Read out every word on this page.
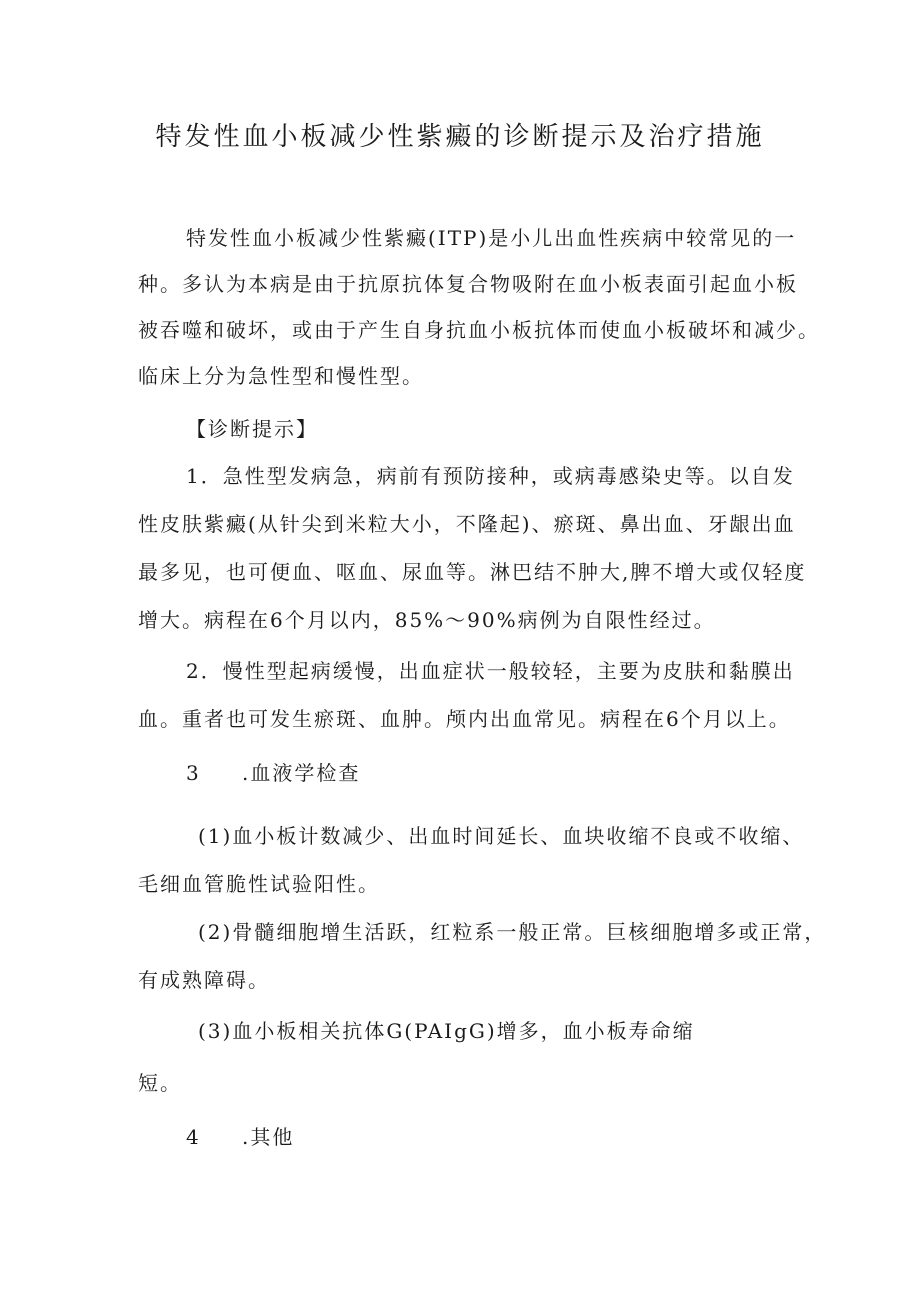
特发性血小板减少性紫癜的诊断提示及治疗措施
特发性血小板减少性紫癜(ITP)是小儿出血性疾病中较常见的一
种。多认为本病是由于抗原抗体复合物吸附在血小板表面引起血小板
被吞噬和破坏，或由于产生自身抗血小板抗体而使血小板破坏和减少。
临床上分为急性型和慢性型。
【诊断提示】
1．急性型发病急，病前有预防接种，或病毒感染史等。以自发
性皮肤紫癜(从针尖到米粒大小，不隆起)、瘀斑、鼻出血、牙龈出血
最多见，也可便血、呕血、尿血等。淋巴结不肿大,脾不增大或仅轻度
增大。病程在6个月以内，85%～90%病例为自限性经过。
2．慢性型起病缓慢，出血症状一般较轻，主要为皮肤和黏膜出
血。重者也可发生瘀斑、血肿。颅内出血常见。病程在6个月以上。
3 .血液学检查
(1)血小板计数减少、出血时间延长、血块收缩不良或不收缩、
毛细血管脆性试验阳性。
(2)骨髓细胞增生活跃，红粒系一般正常。巨核细胞增多或正常，
有成熟障碍。
(3)血小板相关抗体G(PAIgG)增多，血小板寿命缩
短。
4 .其他
